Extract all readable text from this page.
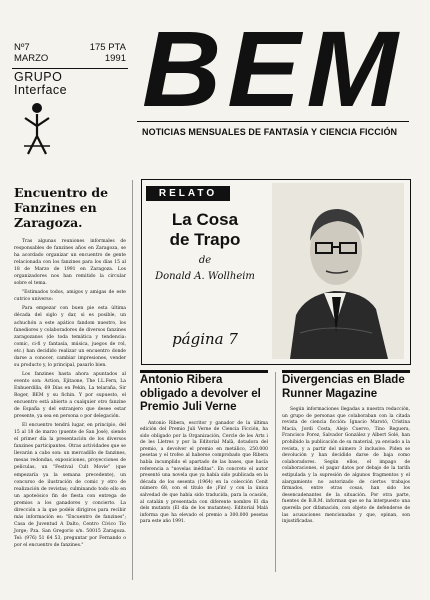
Nº7	175 PTA
MARZO	1991
GRUPO
Interface BEM
NOTICIAS MENSUALES DE FANTASÍA Y CIENCIA FICCIÓN
Encuentro de Fanzines en Zaragoza.

Tras algunas reuniones informales de responsables de fanzines años en Zaragoza, se ha acordado organizar un encuentro de gente relacionada con los fanzines para los días 15 al 18 de Marzo de 1991 en Zaragoza. Los organizadores nos han remitido la circular sobre el tema.

"Estimados todos, amigos y amigas de este cutrico universo:

Para empezar con buen pie esta última década del siglo y dar, si es posible, un achuchón a este apático fandom nuestro, los fanediores y colaboradores de diversos fanzines zaragozanos (de toda temática y tendencia: comic, ci-fi y fantasía, música, juegos de rol, etc.) han decidido realizar un encuentro donde darse a conocer, cambiar impresiones, vender su producto y, lo principal, pasarlo bien.

Los fanzines hasta ahora apuntados al evento son: Action, Ejitaone, The I.L.Fern, La Enhuerdilla, 69 Días en Pekín, La telaraña, Sir Roger, BEM y su fichin. Y por supuesto, el encuentro está abierto a cualquier otro fanzine de España y del extranjero que desee estar presente, ya sea en persona o por delegación.

El encuentro tendrá lugar, en principio, del 15 al 18 de marzo (puente de San José), siendo el primer día la presentación de los diversos fanzines participantes. Otras actividades que se llevarán a cabo son: un mercadillo de fanzines, mesas redondas, exposiciones, proyecciones de películas, un "Festival Cult Movie" (que empezaría ya la semana precedente), un concurso de ilustración de comic y otro de realización de revistas; culminando todo ello en un apoteósico fin de fiesta con entrega de premios a los ganadores y concierto. La dirección a la que podéis dirigiros para recibir más información es: "Encuentro de fanzines"; Casa de Juventud A Dalto, Centro Cívico Tío Jorge; Pza. San Gregorio s/n. 50015 Zaragoza. Tel: (976) 51 64 53, preguntar por Fernando o por el encuentro de fanzines."

RELATO
La Cosa
de Trapo
de
Donald A. Wollheim
página 7
Antonio Ribera obligado a devolver el Premio Juli Verne

Antonio Ribera, escritor y ganador de la última edición del Premio Juli Verne de Ciencia Ficción, ha sido obligado por la Organización, Cercle de les Arts i de les Lletres y por la Editorial Malà, dotadora del premio, a devolver el premio en metálico, 250.000 pesetas y el trofeo al haberse comprobado que Ribera había incumplido el apartado de las bases, que hacía referencia a "novelas inéditas". En concreto el autor presentó una novela que ya había sido publicada en la década de los sesenta (1964) en la colección Cenit número 68, con el título de ¡Fin! y con la única salvedad de que había sido traducida, para la ocasión, al catalán y presentada con diferente nombre El dia dels mutants (El día de los mutantes). Editorial Malá informa que ha elevado el premio a 300.000 pesetas para este año 1991.

Divergencias en Blade Runner Magazine

Según informaciones llegadas a nuestra redacción, un grupo de personas que colaboraban con la citada revista de ciencia ficción: Ignacio Marotó, Cristina Macía, Jordi Costa, Alejo Cuervo, Tino Reguera, Francisco Porez, Salvador González y Albert Solé, han prohibido la publicación de su material, ya enviado a la revista, y a partir del número 3 inclusive. Piden se devolución y han decidido darse de baja como colaboradores. Según ellos, el impago de colaboraciones, el pagar datos por debajo de la tarifa estipulada y la supresión de algunos fragmentos y el alargamiento no autorizado de ciertos trabajos firmados, entre otras cosas, han sido los desencadenantes de la situación. Por otra parte, fuentes de B.R.M. informan que se ha interpuesto una querella por difamación, con objeto de defenderse de las acusaciones mencionadas y que, opinan, son injustificadas.
